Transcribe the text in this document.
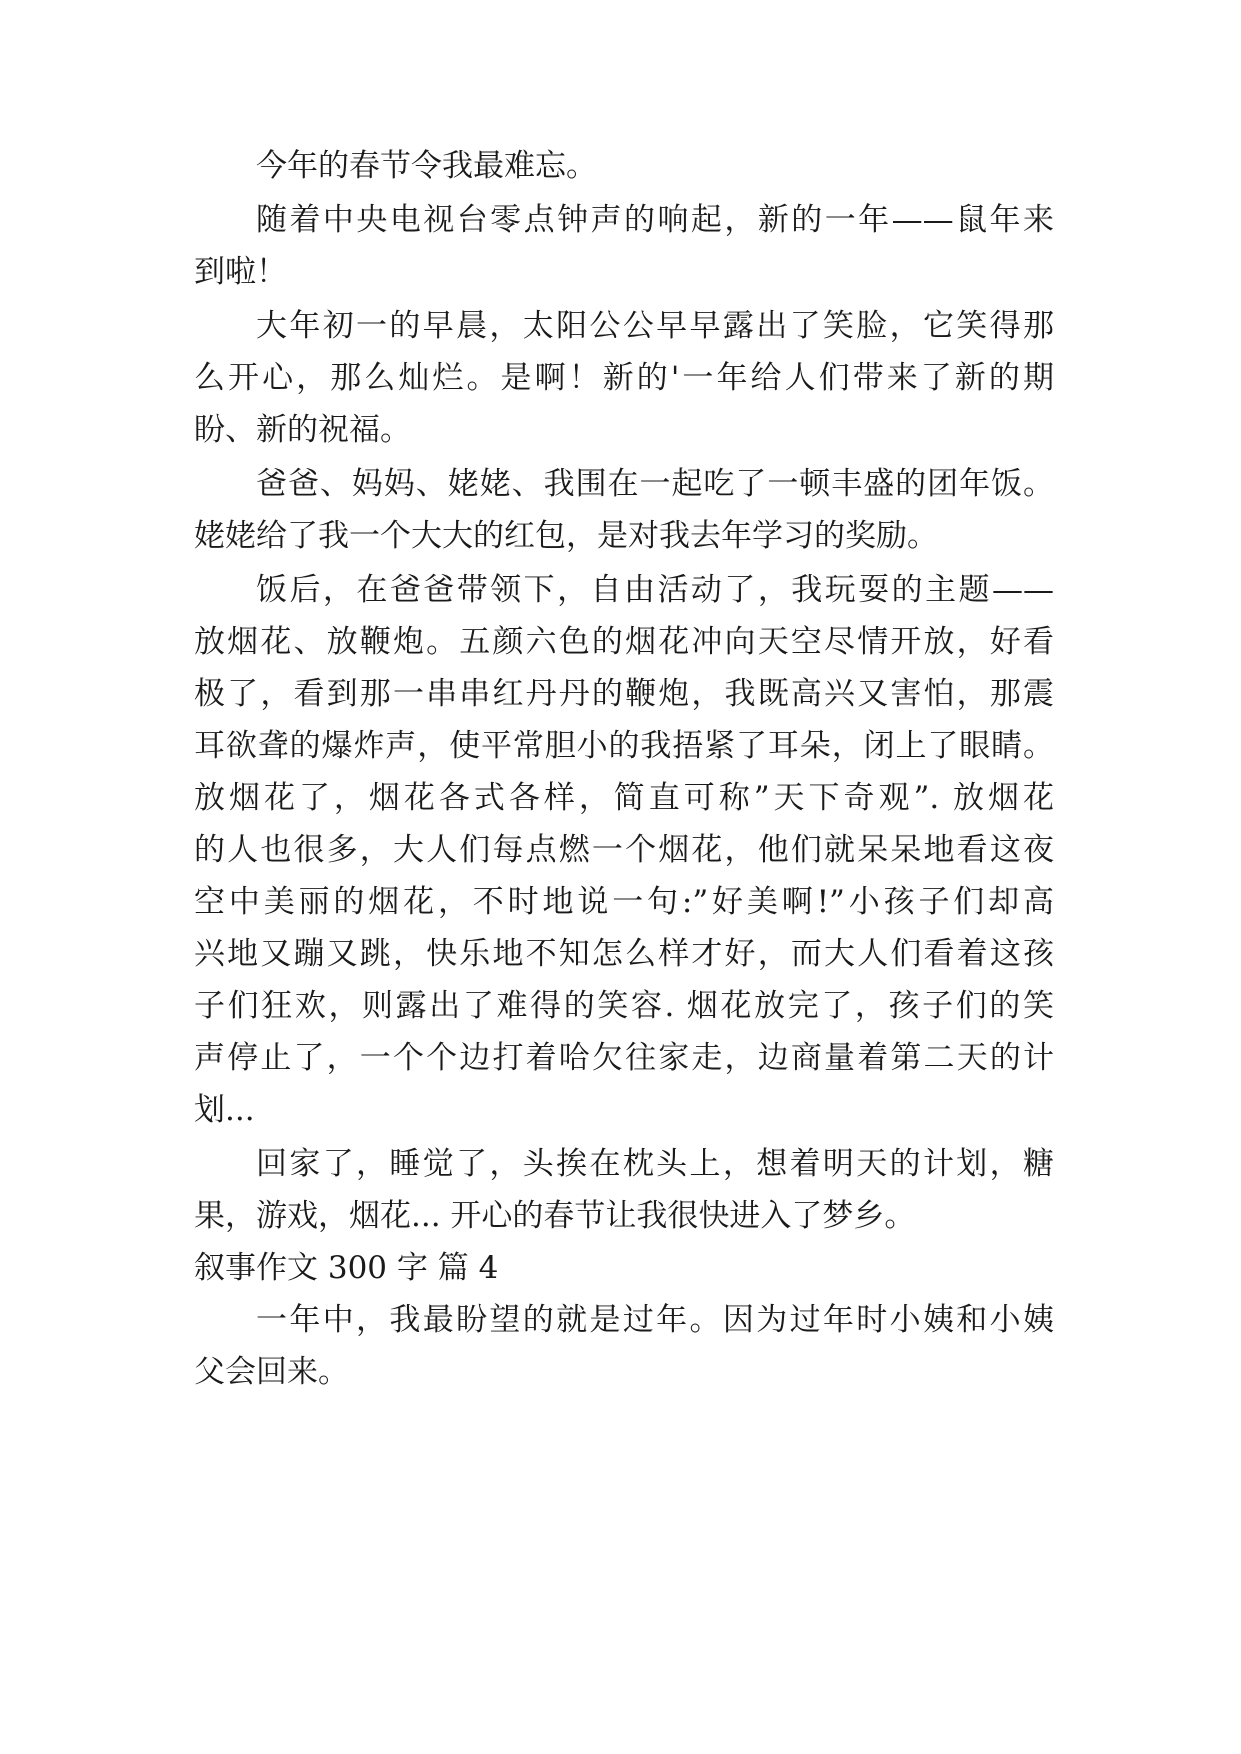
今年的春节令我最难忘。
随着中央电视台零点钟声的响起，新的一年——鼠年来
到啦！
大年初一的早晨，太阳公公早早露出了笑脸，它笑得那
么开心，那么灿烂。是啊！新的'一年给人们带来了新的期
盼、新的祝福。
爸爸、妈妈、姥姥、我围在一起吃了一顿丰盛的团年饭。
姥姥给了我一个大大的红包，是对我去年学习的奖励。
饭后，在爸爸带领下，自由活动了，我玩耍的主题——
放烟花、放鞭炮。五颜六色的烟花冲向天空尽情开放，好看
极了，看到那一串串红丹丹的鞭炮，我既高兴又害怕，那震
耳欲聋的爆炸声，使平常胆小的我捂紧了耳朵，闭上了眼睛。
放烟花了，烟花各式各样，简直可称”天下奇观”. 放烟花
的人也很多，大人们每点燃一个烟花，他们就呆呆地看这夜
空中美丽的烟花，不时地说一句:”好美啊!”小孩子们却高
兴地又蹦又跳，快乐地不知怎么样才好，而大人们看着这孩
子们狂欢，则露出了难得的笑容. 烟花放完了，孩子们的笑
声停止了，一个个边打着哈欠往家走，边商量着第二天的计
划...
回家了，睡觉了，头挨在枕头上，想着明天的计划，糖
果，游戏，烟花... 开心的春节让我很快进入了梦乡。
叙事作文 300 字 篇 4
一年中，我最盼望的就是过年。因为过年时小姨和小姨
父会回来。
